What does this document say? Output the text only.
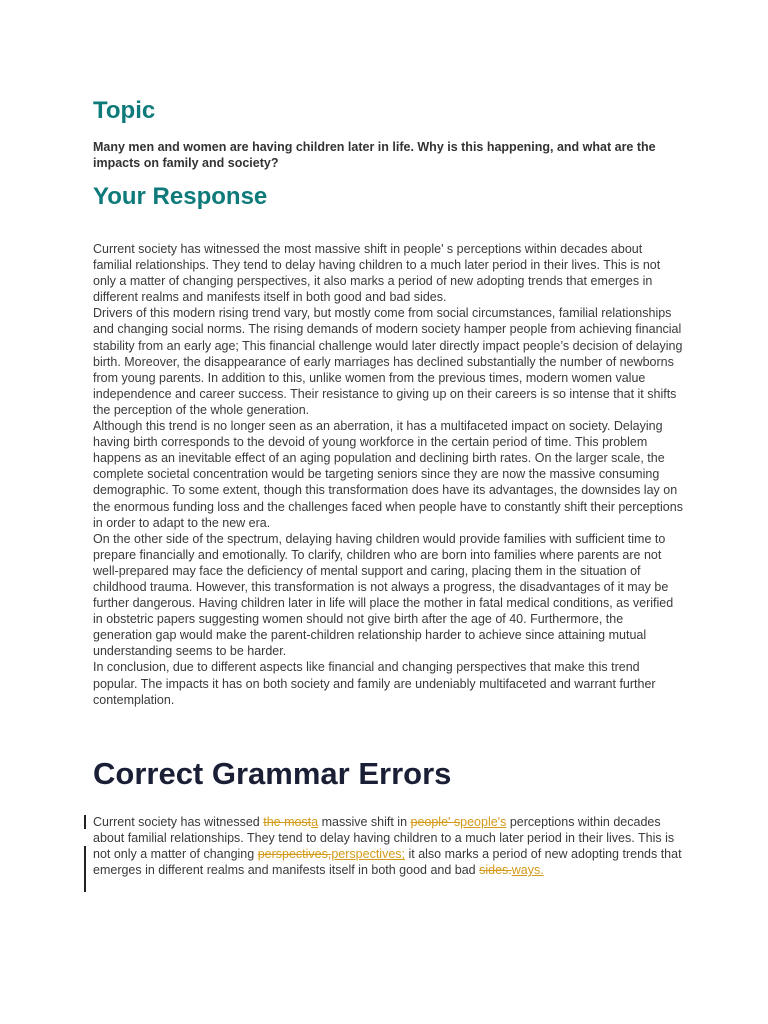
Topic

Many men and women are having children later in life. Why is this happening, and what are the impacts on family and society?

Your Response

Current society has witnessed the most massive shift in people' s perceptions within decades about familial relationships. They tend to delay having children to a much later period in their lives. This is not only a matter of changing perspectives, it also marks a period of new adopting trends that emerges in different realms and manifests itself in both good and bad sides.

Drivers of this modern rising trend vary, but mostly come from social circumstances, familial relationships and changing social norms. The rising demands of modern society hamper people from achieving financial stability from an early age; This financial challenge would later directly impact people’s decision of delaying birth. Moreover, the disappearance of early marriages has declined substantially the number of newborns from young parents. In addition to this, unlike women from the previous times, modern women value independence and career success. Their resistance to giving up on their careers is so intense that it shifts the perception of the whole generation.

Although this trend is no longer seen as an aberration, it has a multifaceted impact on society. Delaying having birth corresponds to the devoid of young workforce in the certain period of time. This problem happens as an inevitable effect of an aging population and declining birth rates. On the larger scale, the complete societal concentration would be targeting seniors since they are now the massive consuming demographic. To some extent, though this transformation does have its advantages, the downsides lay on the enormous funding loss and the challenges faced when people have to constantly shift their perceptions in order to adapt to the new era.

On the other side of the spectrum, delaying having children would provide families with sufficient time to prepare financially and emotionally. To clarify, children who are born into families where parents are not well-prepared may face the deficiency of mental support and caring, placing them in the situation of childhood trauma. However, this transformation is not always a progress, the disadvantages of it may be further dangerous. Having children later in life will place the mother in fatal medical conditions, as verified in obstetric papers suggesting women should not give birth after the age of 40. Furthermore, the generation gap would make the parent-children relationship harder to achieve since attaining mutual understanding seems to be harder.

In conclusion, due to different aspects like financial and changing perspectives that make this trend popular. The impacts it has on both society and family are undeniably multifaceted and warrant further contemplation.

Correct Grammar Errors

Current society has witnessed the mosta massive shift in people' speople's perceptions within decades about familial relationships. They tend to delay having children to a much later period in their lives. This is not only a matter of changing perspectives,perspectives; it also marks a period of new adopting trends that emerges in different realms and manifests itself in both good and bad sides.ways.
